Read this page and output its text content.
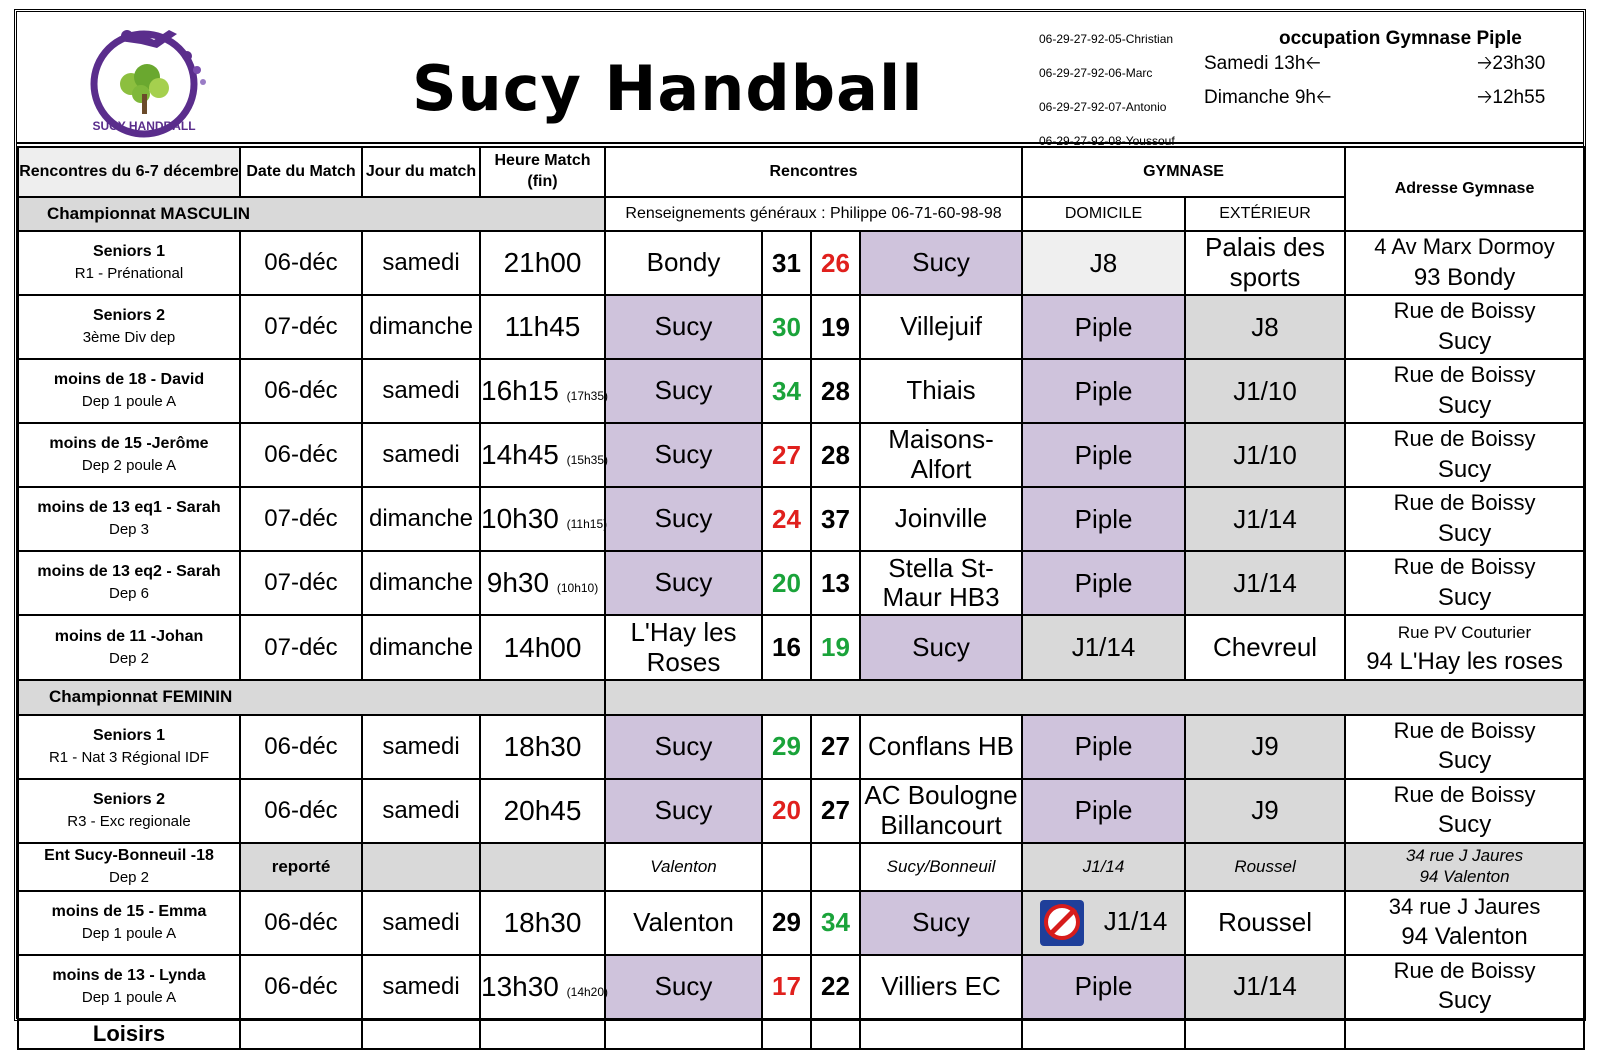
SUCY HANDBALL
Sucy Handball
06-29-27-92-05-Christian
06-29-27-92-06-Marc
06-29-27-92-07-Antonio
06-29-27-92-08-Youssouf
occupation Gymnase Piple
Samedi 13h🡠	🡢23h30
Dimanche 9h🡠	🡢12h55
Rencontres du 6-7 décembre	Date du Match	Jour du match	Heure Match (fin)	Rencontres				GYMNASE		Adresse Gymnase
Championnat MASCULIN				Renseignements généraux : Philippe 06-71-60-98-98				DOMICILE	EXTÉRIEUR	

Seniors 1
R1 - Prénational	06-déc	samedi	21h00	Bondy	31	26	Sucy	J8	Palais des sports	4 Av Marx Dormoy
93 Bondy

Seniors 2
3ème Div dep	07-déc	dimanche	11h45	Sucy	30	19	Villejuif	Piple	J8	Rue de Boissy
Sucy

moins de 18 - David
Dep 1 poule A	06-déc	samedi	16h15 (17h35)	Sucy	34	28	Thiais	Piple	J1/10	Rue de Boissy
Sucy

moins de 15 -Jerôme
Dep 2 poule A	06-déc	samedi	14h45 (15h35)	Sucy	27	28	Maisons-Alfort	Piple	J1/10	Rue de Boissy
Sucy

moins de 13 eq1 - Sarah
Dep 3	07-déc	dimanche	10h30 (11h15)	Sucy	24	37	Joinville	Piple	J1/14	Rue de Boissy
Sucy

moins de 13 eq2 - Sarah
Dep 6	07-déc	dimanche	9h30 (10h10)	Sucy	20	13	Stella St-Maur HB3	Piple	J1/14	Rue de Boissy
Sucy

moins de 11 -Johan
Dep 2	07-déc	dimanche	14h00	L'Hay les Roses	16	19	Sucy	J1/14	Chevreul	Rue PV Couturier
94 L'Hay les roses

Championnat FEMININ										

Seniors 1
R1 - Nat 3 Régional IDF	06-déc	samedi	18h30	Sucy	29	27	Conflans HB	Piple	J9	Rue de Boissy
Sucy

Seniors 2
R3 - Exc regionale	06-déc	samedi	20h45	Sucy	20	27	AC Boulogne Billancourt	Piple	J9	Rue de Boissy
Sucy

Ent Sucy-Bonneuil -18
Dep 2	reporté			Valenton			Sucy/Bonneuil	J1/14	Roussel	34 rue J Jaures
94 Valenton

moins de 15 - Emma
Dep 1 poule A	06-déc	samedi	18h30	Valenton	29	34	Sucy	J1/14	Roussel	34 rue J Jaures
94 Valenton

moins de 13 - Lynda
Dep 1 poule A	06-déc	samedi	13h30 (14h20)	Sucy	17	22	Villiers EC	Piple	J1/14	Rue de Boissy
Sucy

Loisirs										
